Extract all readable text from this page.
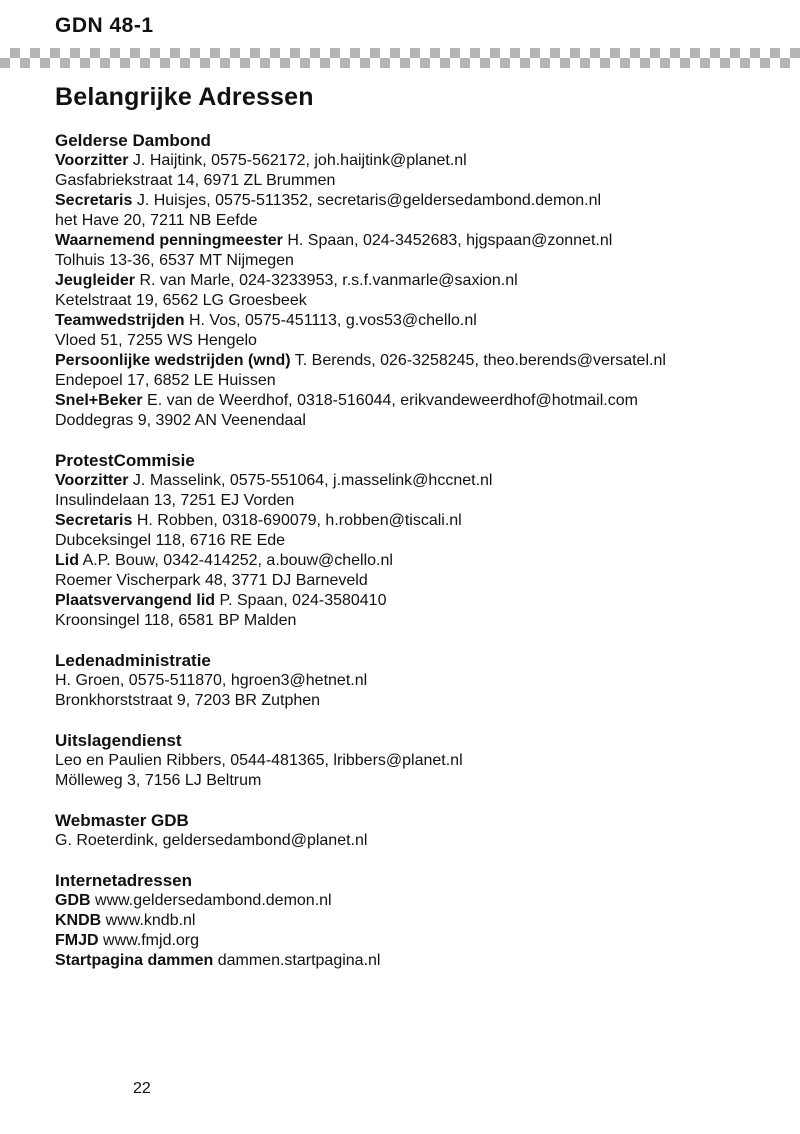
GDN 48-1
Belangrijke Adressen
Gelderse Dambond

Voorzitter J. Haijtink, 0575-562172, joh.haijtink@planet.nl

Gasfabriekstraat 14, 6971 ZL Brummen

Secretaris J. Huisjes, 0575-511352, secretaris@geldersedambond.demon.nl

het Have 20, 7211 NB Eefde

Waarnemend penningmeester H. Spaan, 024-3452683, hjgspaan@zonnet.nl

Tolhuis 13-36, 6537 MT Nijmegen

Jeugleider R. van Marle, 024-3233953, r.s.f.vanmarle@saxion.nl

Ketelstraat 19, 6562 LG Groesbeek

Teamwedstrijden H. Vos, 0575-451113, g.vos53@chello.nl

Vloed 51, 7255 WS Hengelo

Persoonlijke wedstrijden (wnd) T. Berends, 026-3258245, theo.berends@versatel.nl

Endepoel 17, 6852 LE Huissen

Snel+Beker E. van de Weerdhof, 0318-516044, erikvandeweerdhof@hotmail.com

Doddegras 9, 3902 AN Veenendaal

ProtestCommisie

Voorzitter J. Masselink, 0575-551064, j.masselink@hccnet.nl

Insulindelaan 13, 7251 EJ Vorden

Secretaris H. Robben, 0318-690079, h.robben@tiscali.nl

Dubceksingel 118, 6716 RE Ede

Lid A.P. Bouw, 0342-414252, a.bouw@chello.nl

Roemer Vischerpark 48, 3771 DJ Barneveld

Plaatsvervangend lid P. Spaan, 024-3580410

Kroonsingel 118, 6581 BP Malden

Ledenadministratie

H. Groen, 0575-511870, hgroen3@hetnet.nl

Bronkhorststraat 9, 7203 BR Zutphen

Uitslagendienst

Leo en Paulien Ribbers, 0544-481365, lribbers@planet.nl

Mölleweg 3, 7156 LJ Beltrum

Webmaster GDB

G. Roeterdink, geldersedambond@planet.nl

Internetadressen

GDB www.geldersedambond.demon.nl

KNDB www.kndb.nl

FMJD www.fmjd.org

Startpagina dammen dammen.startpagina.nl

22
